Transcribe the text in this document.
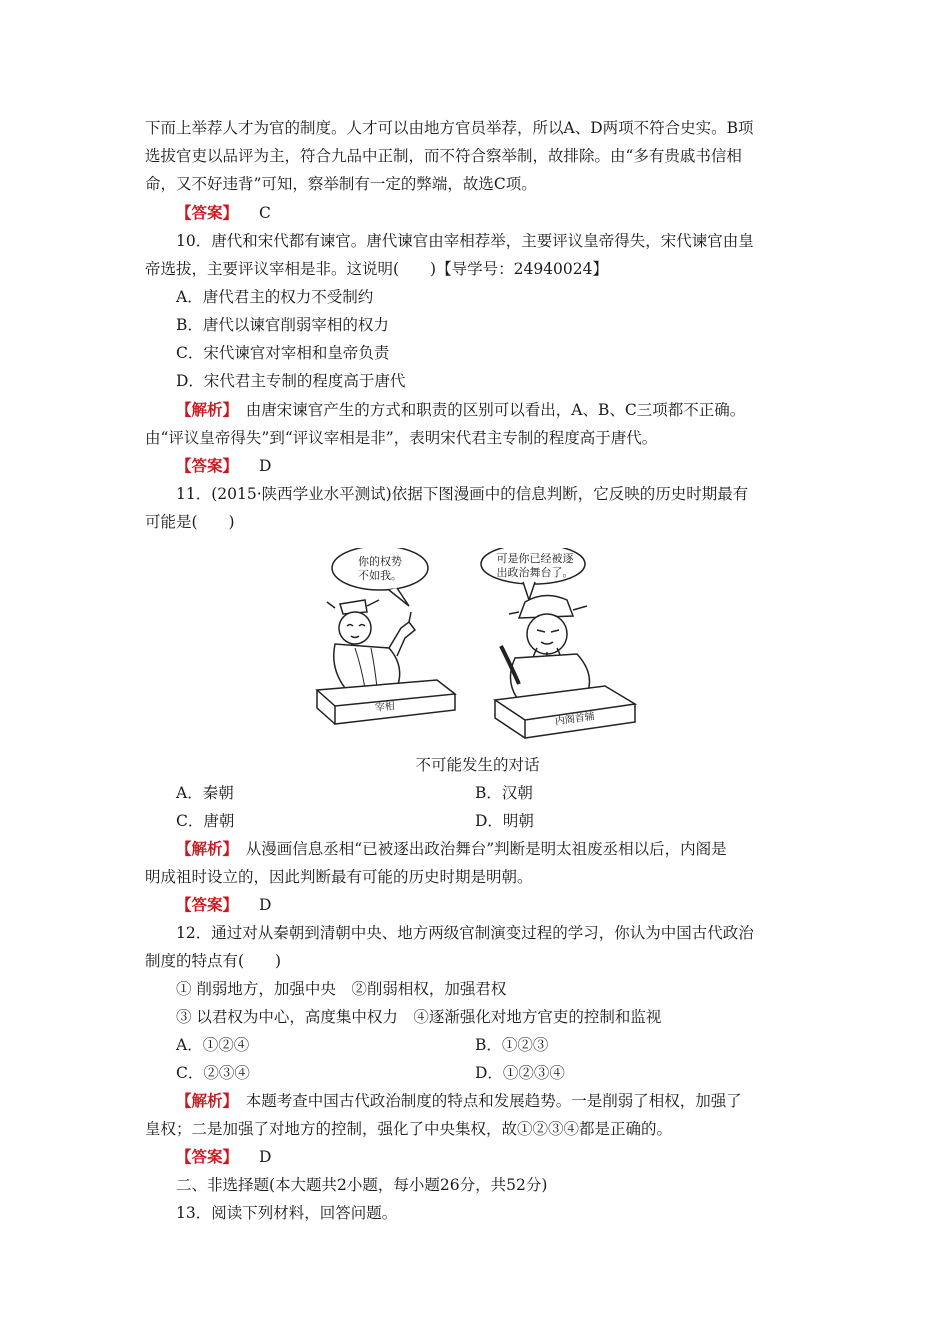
下而上举荐人才为官的制度。人才可以由地方官员举荐，所以A、D两项不符合史实。B项
选拔官吏以品评为主，符合九品中正制，而不符合察举制，故排除。由“多有贵戚书信相
命，又不好违背”可知，察举制有一定的弊端，故选C项。
【答案】 C
10．唐代和宋代都有谏官。唐代谏官由宰相荐举，主要评议皇帝得失，宋代谏官由皇
帝选拔，主要评议宰相是非。这说明(　　)【导学号：24940024】
A．唐代君主的权力不受制约
B．唐代以谏官削弱宰相的权力
C．宋代谏官对宰相和皇帝负责
D．宋代君主专制的程度高于唐代
【解析】　由唐宋谏官产生的方式和职责的区别可以看出，A、B、C三项都不正确。
由“评议皇帝得失”到“评议宰相是非”，表明宋代君主专制的程度高于唐代。
【答案】 D
11．(2015·陕西学业水平测试)依据下图漫画中的信息判断，它反映的历史时期最有
可能是(　　)
你的权势
不如我。
可是你已经被逐
出政治舞台了。
宰相
内阁首辅
不可能发生的对话
A．秦朝	B．汉朝
C．唐朝	D．明朝
【解析】　从漫画信息丞相“已被逐出政治舞台”判断是明太祖废丞相以后，内阁是
明成祖时设立的，因此判断最有可能的历史时期是明朝。
【答案】 D
12．通过对从秦朝到清朝中央、地方两级官制演变过程的学习，你认为中国古代政治
制度的特点有(　　)
① 削弱地方，加强中央　②削弱相权，加强君权
③ 以君权为中心，高度集中权力　④逐渐强化对地方官吏的控制和监视
A．①②④	B．①②③
C．②③④	D．①②③④
【解析】　本题考查中国古代政治制度的特点和发展趋势。一是削弱了相权，加强了
皇权；二是加强了对地方的控制，强化了中央集权，故①②③④都是正确的。
【答案】 D
二、非选择题(本大题共2小题，每小题26分，共52分)
13．阅读下列材料，回答问题。
